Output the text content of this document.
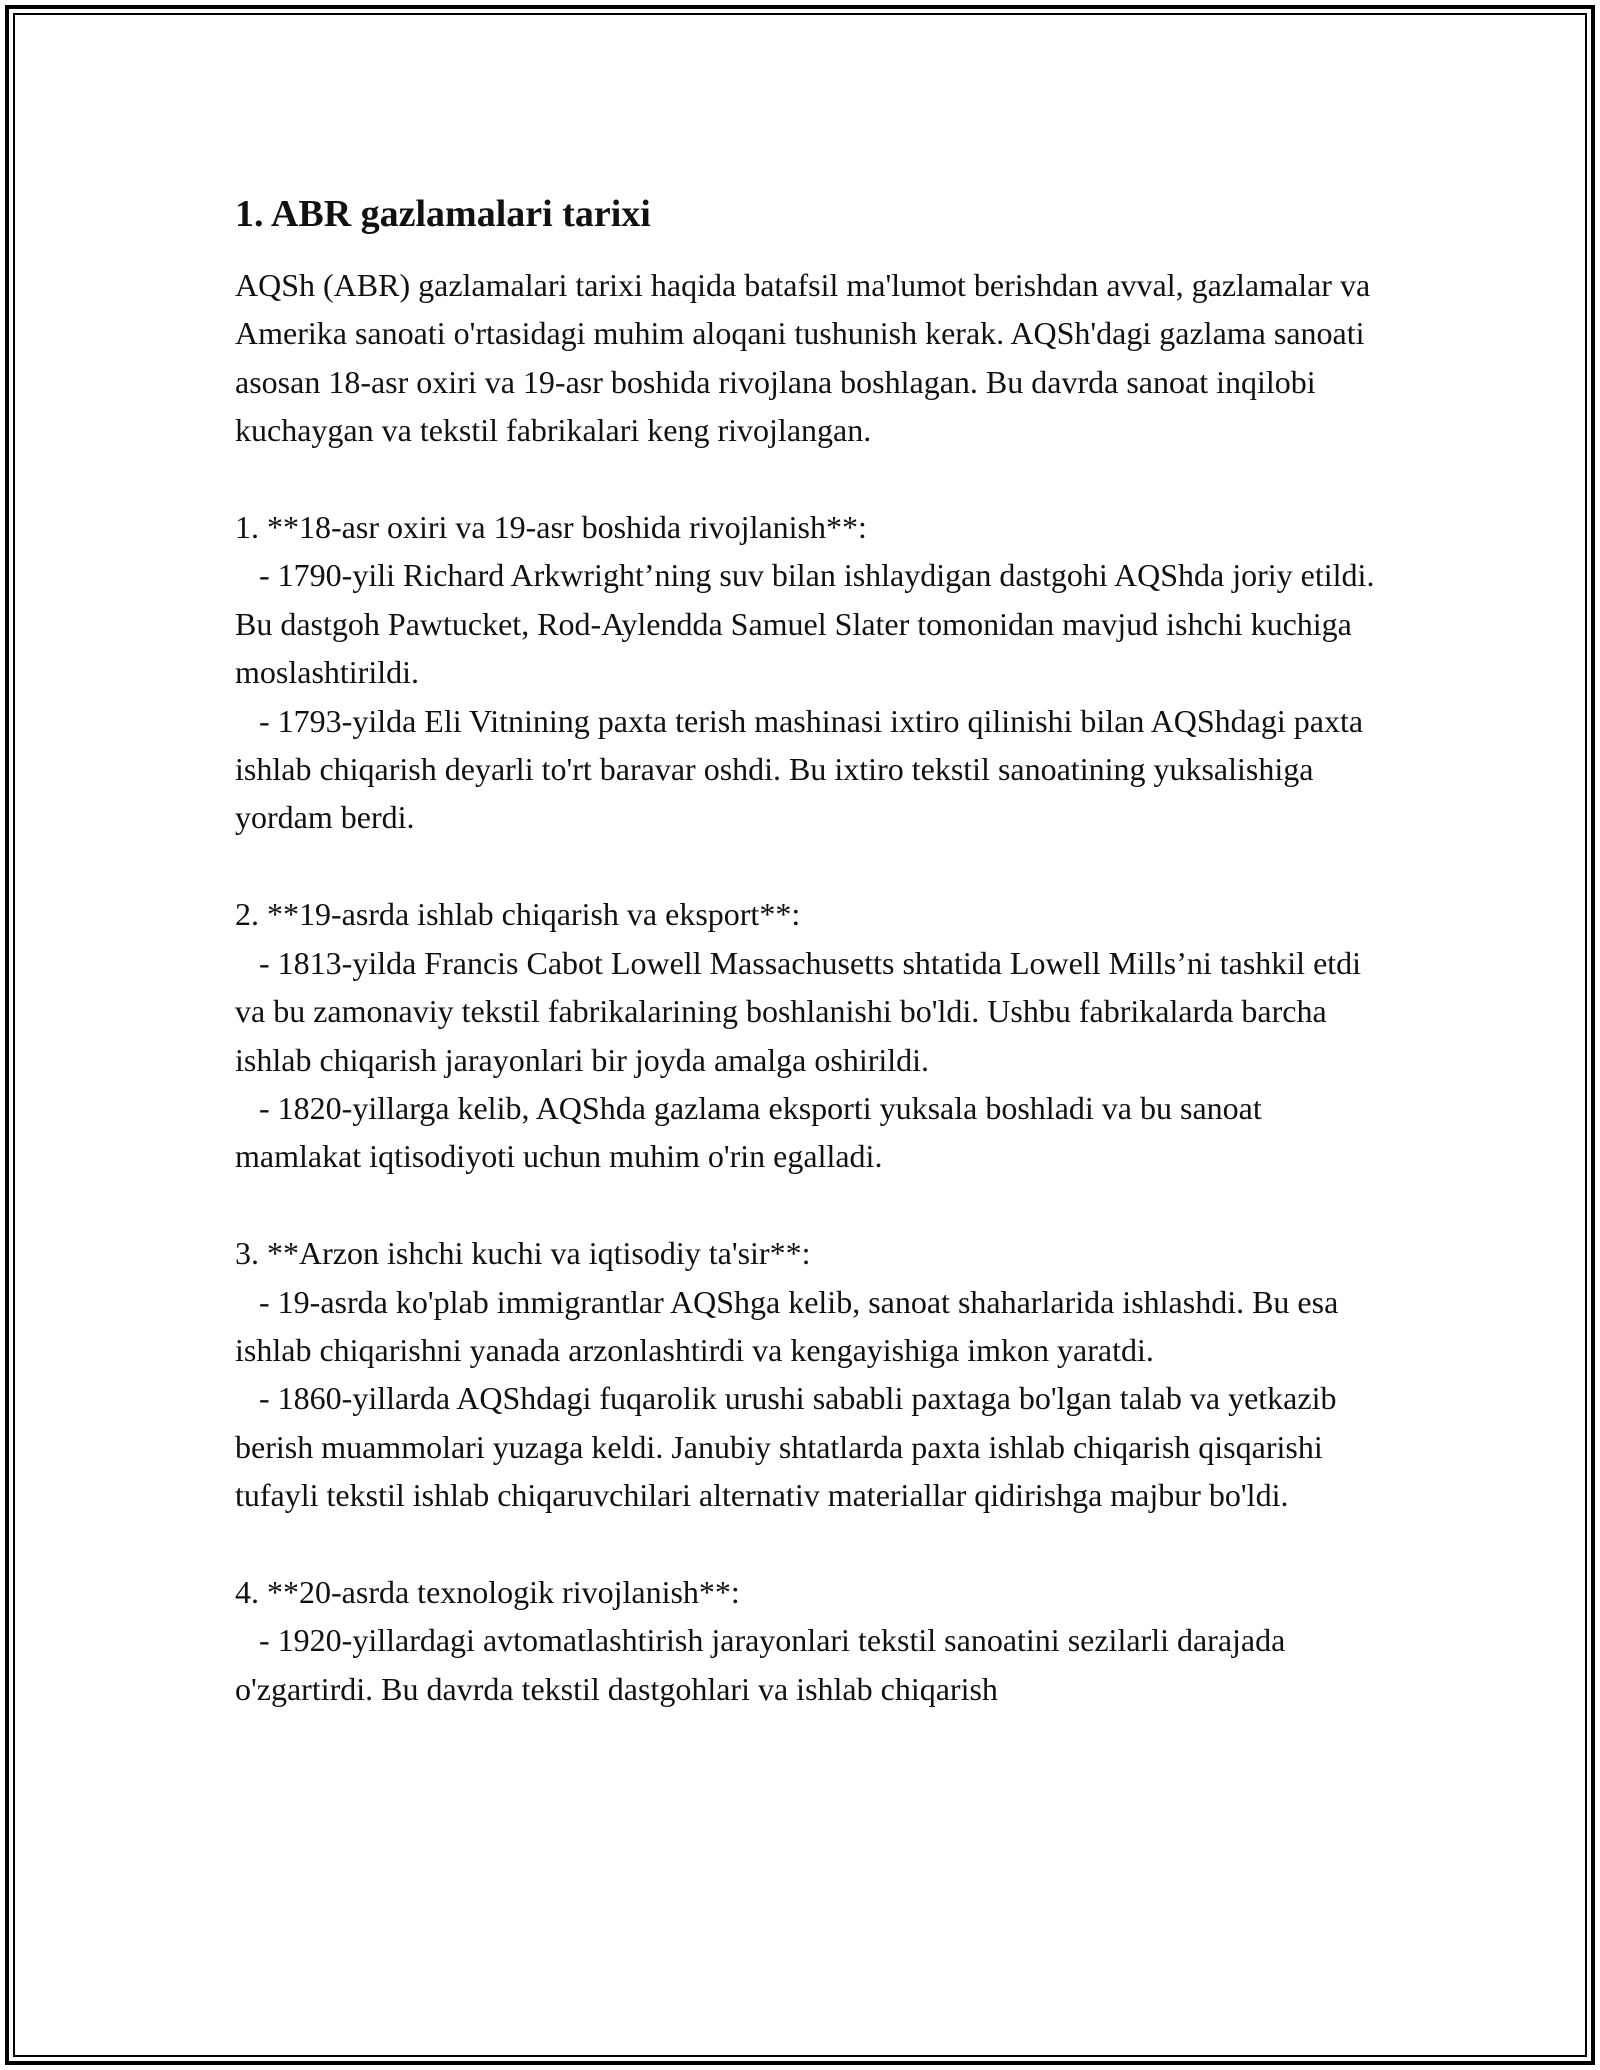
1. ABR gazlamalari tarixi

AQSh (ABR) gazlamalari tarixi haqida batafsil ma'lumot berishdan avval, gazlamalar va Amerika sanoati o'rtasidagi muhim aloqani tushunish kerak. AQSh'dagi gazlama sanoati asosan 18-asr oxiri va 19-asr boshida rivojlana boshlagan. Bu davrda sanoat inqilobi kuchaygan va tekstil fabrikalari keng rivojlangan.

1. **18-asr oxiri va 19-asr boshida rivojlanish**:
- 1790-yili Richard Arkwright’ning suv bilan ishlaydigan dastgohi AQShda joriy etildi. Bu dastgoh Pawtucket, Rod-Aylendda Samuel Slater tomonidan mavjud ishchi kuchiga moslashtirildi.
- 1793-yilda Eli Vitnining paxta terish mashinasi ixtiro qilinishi bilan AQShdagi paxta ishlab chiqarish deyarli to'rt baravar oshdi. Bu ixtiro tekstil sanoatining yuksalishiga yordam berdi.

2. **19-asrda ishlab chiqarish va eksport**:
- 1813-yilda Francis Cabot Lowell Massachusetts shtatida Lowell Mills’ni tashkil etdi va bu zamonaviy tekstil fabrikalarining boshlanishi bo'ldi. Ushbu fabrikalarda barcha ishlab chiqarish jarayonlari bir joyda amalga oshirildi.
- 1820-yillarga kelib, AQShda gazlama eksporti yuksala boshladi va bu sanoat mamlakat iqtisodiyoti uchun muhim o'rin egalladi.

3. **Arzon ishchi kuchi va iqtisodiy ta'sir**:
- 19-asrda ko'plab immigrantlar AQShga kelib, sanoat shaharlarida ishlashdi. Bu esa ishlab chiqarishni yanada arzonlashtirdi va kengayishiga imkon yaratdi.
- 1860-yillarda AQShdagi fuqarolik urushi sababli paxtaga bo'lgan talab va yetkazib berish muammolari yuzaga keldi. Janubiy shtatlarda paxta ishlab chiqarish qisqarishi tufayli tekstil ishlab chiqaruvchilari alternativ materiallar qidirishga majbur bo'ldi.

4. **20-asrda texnologik rivojlanish**:
- 1920-yillardagi avtomatlashtirish jarayonlari tekstil sanoatini sezilarli darajada o'zgartirdi. Bu davrda tekstil dastgohlari va ishlab chiqarish
